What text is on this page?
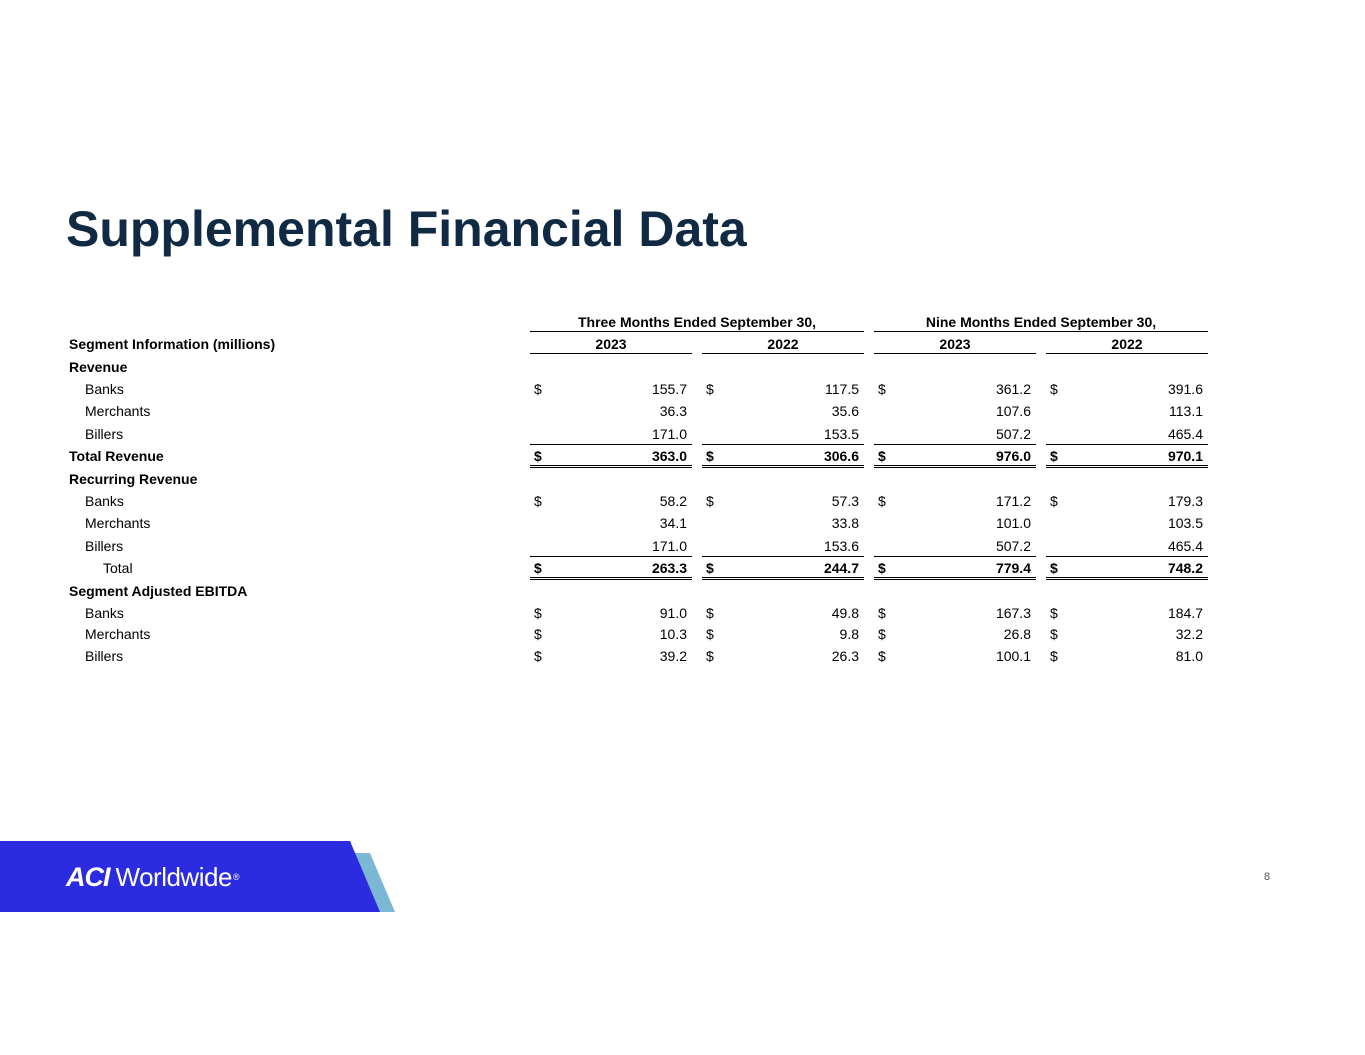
Supplemental Financial Data
Three Months Ended September 30,	Nine Months Ended September 30,
Segment Information (millions)	2023	2022	2023	2022
Revenue
Banks	$	155.7 $	117.5 $	361.2 $	391.6
Merchants	36.3	35.6	107.6	113.1
Billers	171.0	153.5	507.2	465.4
Total Revenue	$	363.0 $	306.6 $	976.0 $	970.1
Recurring Revenue
Banks	$	58.2 $	57.3 $	171.2 $	179.3
Merchants	34.1	33.8	101.0	103.5
Billers	171.0	153.6	507.2	465.4
Total	$	263.3 $	244.7 $	779.4 $	748.2
Segment Adjusted EBITDA
Banks	$	91.0 $	49.8 $	167.3 $	184.7
Merchants	$	10.3 $	9.8 $	26.8 $	32.2
Billers	$	39.2 $	26.3 $	100.1 $	81.0
ACI Worldwide ®	8
